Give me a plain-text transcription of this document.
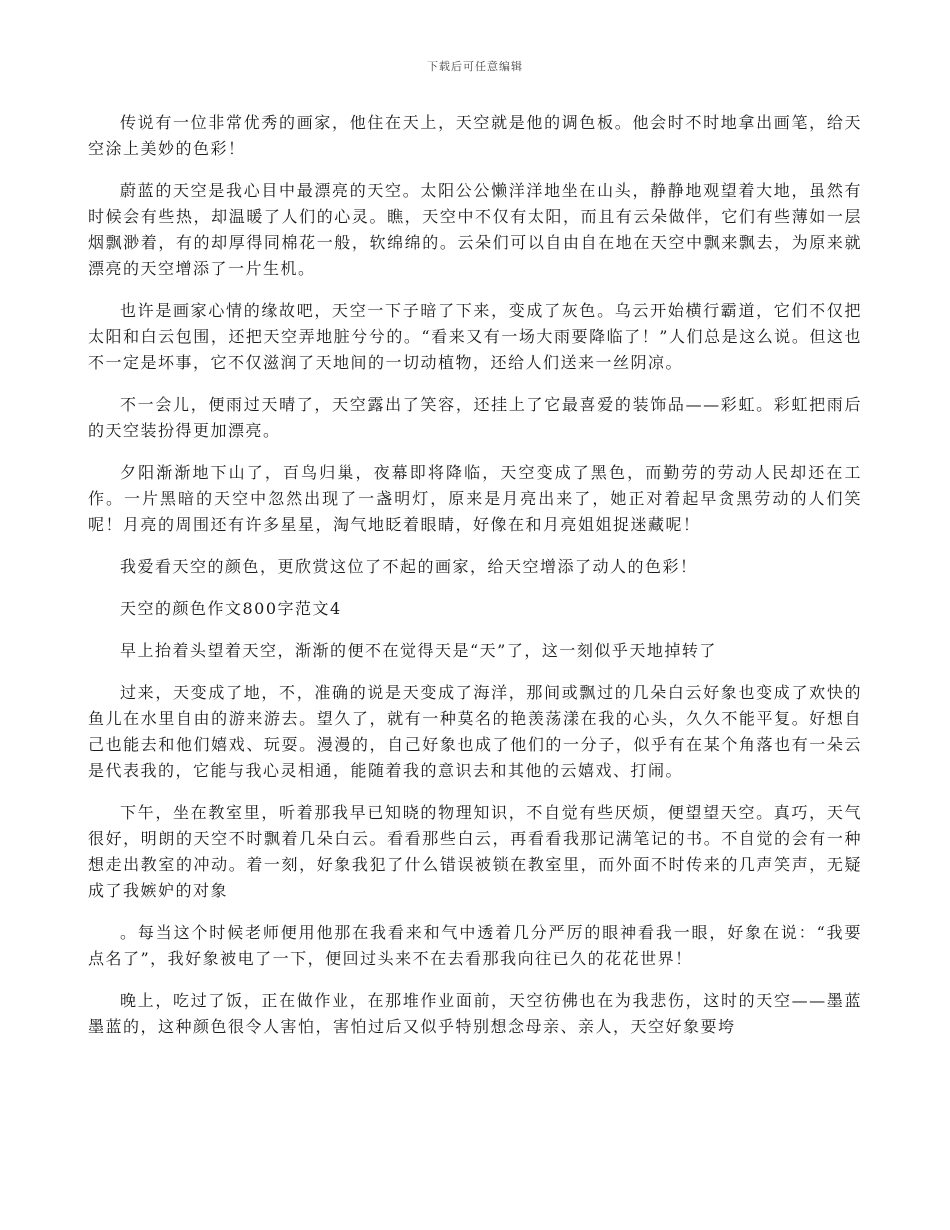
下载后可任意编辑

传说有一位非常优秀的画家，他住在天上，天空就是他的调色板。他会时不时地拿出画笔，给天空涂上美妙的色彩！

蔚蓝的天空是我心目中最漂亮的天空。太阳公公懒洋洋地坐在山头，静静地观望着大地，虽然有时候会有些热，却温暖了人们的心灵。瞧，天空中不仅有太阳，而且有云朵做伴，它们有些薄如一层烟飘渺着，有的却厚得同棉花一般，软绵绵的。云朵们可以自由自在地在天空中飘来飘去，为原来就漂亮的天空增添了一片生机。

也许是画家心情的缘故吧，天空一下子暗了下来，变成了灰色。乌云开始横行霸道，它们不仅把太阳和白云包围，还把天空弄地脏兮兮的。“看来又有一场大雨要降临了！”人们总是这么说。但这也不一定是坏事，它不仅滋润了天地间的一切动植物，还给人们送来一丝阴凉。

不一会儿，便雨过天晴了，天空露出了笑容，还挂上了它最喜爱的装饰品——彩虹。彩虹把雨后的天空装扮得更加漂亮。

夕阳渐渐地下山了，百鸟归巢，夜幕即将降临，天空变成了黑色，而勤劳的劳动人民却还在工作。一片黑暗的天空中忽然出现了一盏明灯，原来是月亮出来了，她正对着起早贪黑劳动的人们笑呢！月亮的周围还有许多星星，淘气地眨着眼睛，好像在和月亮姐姐捉迷藏呢！

我爱看天空的颜色，更欣赏这位了不起的画家，给天空增添了动人的色彩！

天空的颜色作文800字范文4

早上抬着头望着天空，渐渐的便不在觉得天是“天”了，这一刻似乎天地掉转了

过来，天变成了地，不，准确的说是天变成了海洋，那间或飘过的几朵白云好象也变成了欢快的鱼儿在水里自由的游来游去。望久了，就有一种莫名的艳羡荡漾在我的心头，久久不能平复。好想自己也能去和他们嬉戏、玩耍。漫漫的，自己好象也成了他们的一分子，似乎有在某个角落也有一朵云是代表我的，它能与我心灵相通，能随着我的意识去和其他的云嬉戏、打闹。

下午，坐在教室里，听着那我早已知晓的物理知识，不自觉有些厌烦，便望望天空。真巧，天气很好，明朗的天空不时飘着几朵白云。看看那些白云，再看看我那记满笔记的书。不自觉的会有一种想走出教室的冲动。着一刻，好象我犯了什么错误被锁在教室里，而外面不时传来的几声笑声，无疑成了我嫉妒的对象

。每当这个时候老师便用他那在我看来和气中透着几分严厉的眼神看我一眼，好象在说：“我要点名了”，我好象被电了一下，便回过头来不在去看那我向往已久的花花世界！

晚上，吃过了饭，正在做作业，在那堆作业面前，天空彷佛也在为我悲伤，这时的天空——墨蓝墨蓝的，这种颜色很令人害怕，害怕过后又似乎特别想念母亲、亲人，天空好象要垮
